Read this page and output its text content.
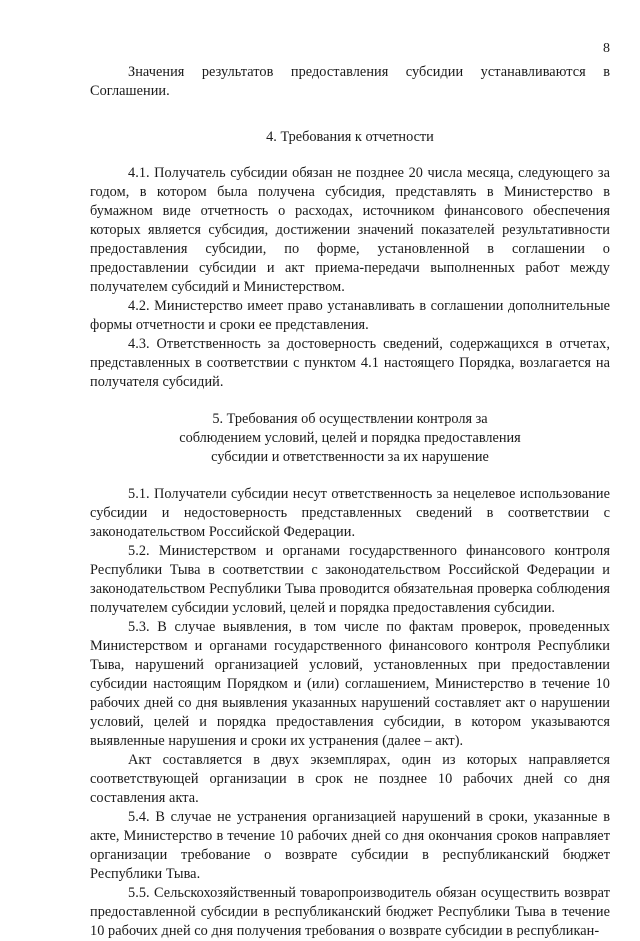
8

Значения результатов предоставления субсидии устанавливаются в Соглашении.

4. Требования к отчетности

4.1. Получатель субсидии обязан не позднее 20 числа месяца, следующего за годом, в котором была получена субсидия, представлять в Министерство в бумажном виде отчетность о расходах, источником финансового обеспечения которых является субсидия, достижении значений показателей результативности предоставления субсидии, по форме, установленной в соглашении о предоставлении субсидии и акт приема-передачи выполненных работ между получателем субсидий и Министерством.

4.2. Министерство имеет право устанавливать в соглашении дополнительные формы отчетности и сроки ее представления.

4.3. Ответственность за достоверность сведений, содержащихся в отчетах, представленных в соответствии с пунктом 4.1 настоящего Порядка, возлагается на получателя субсидий.

5. Требования об осуществлении контроля за
соблюдением условий, целей и порядка предоставления
субсидии и ответственности за их нарушение

5.1. Получатели субсидии несут ответственность за нецелевое использование субсидии и недостоверность представленных сведений в соответствии с законодательством Российской Федерации.

5.2. Министерством и органами государственного финансового контроля Республики Тыва в соответствии с законодательством Российской Федерации и законодательством Республики Тыва проводится обязательная проверка соблюдения получателем субсидии условий, целей и порядка предоставления субсидии.

5.3. В случае выявления, в том числе по фактам проверок, проведенных Министерством и органами государственного финансового контроля Республики Тыва, нарушений организацией условий, установленных при предоставлении субсидии настоящим Порядком и (или) соглашением, Министерство в течение 10 рабочих дней со дня выявления указанных нарушений составляет акт о нарушении условий, целей и порядка предоставления субсидии, в котором указываются выявленные нарушения и сроки их устранения (далее – акт).

Акт составляется в двух экземплярах, один из которых направляется соответствующей организации в срок не позднее 10 рабочих дней со дня составления акта.

5.4. В случае не устранения организацией нарушений в сроки, указанные в акте, Министерство в течение 10 рабочих дней со дня окончания сроков направляет организации требование о возврате субсидии в республиканский бюджет Республики Тыва.

5.5. Сельскохозяйственный товаропроизводитель обязан осуществить возврат предоставленной субсидии в республиканский бюджет Республики Тыва в течение 10 рабочих дней со дня получения требования о возврате субсидии в республикан-
